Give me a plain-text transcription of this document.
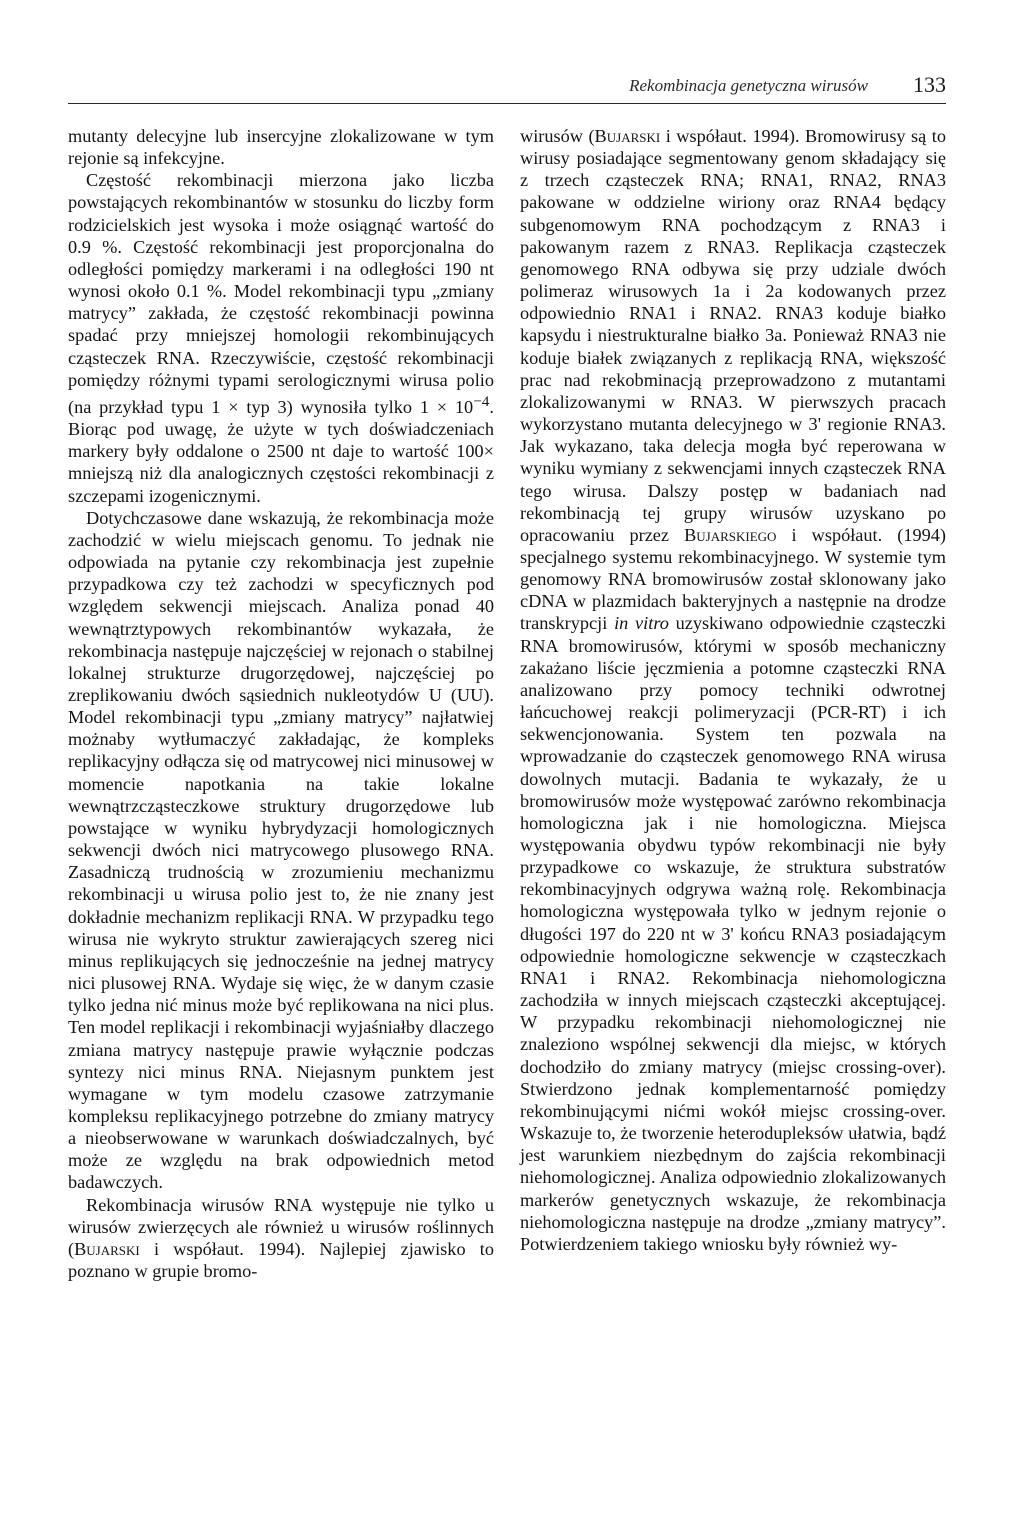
Rekombinacja genetyczna wirusów 133

mutanty delecyjne lub insercyjne zlokalizowane w tym rejonie są infekcyjne.

Częstość rekombinacji mierzona jako liczba powstających rekombinantów w stosunku do liczby form rodzicielskich jest wysoka i może osiągnąć wartość do 0.9 %. Częstość rekombinacji jest proporcjonalna do odległości pomiędzy markerami i na odległości 190 nt wynosi około 0.1 %. Model rekombinacji typu „zmiany matrycy” zakłada, że częstość rekombinacji powinna spadać przy mniejszej homologii rekombinujących cząsteczek RNA. Rzeczywiście, częstość rekombinacji pomiędzy różnymi typami serologicznymi wirusa polio (na przykład typu 1 × typ 3) wynosiła tylko $1 \times 10^{-4}$. Biorąc pod uwagę, że użyte w tych doświadczeniach markery były oddalone o 2500 nt daje to wartość 100× mniejszą niż dla analogicznych częstości rekombinacji z szczepami izogenicznymi.

Dotychczasowe dane wskazują, że rekombinacja może zachodzić w wielu miejscach genomu. To jednak nie odpowiada na pytanie czy rekombinacja jest zupełnie przypadkowa czy też zachodzi w specyficznych pod względem sekwencji miejscach. Analiza ponad 40 wewnątrztypowych rekombinantów wykazała, że rekombinacja następuje najczęściej w rejonach o stabilnej lokalnej strukturze drugorzędowej, najczęściej po zreplikowaniu dwóch sąsiednich nukleotydów U (UU). Model rekombinacji typu „zmiany matrycy” najłatwiej możnaby wytłumaczyć zakładając, że kompleks replikacyjny odłącza się od matrycowej nici minusowej w momencie napotkania na takie lokalne wewnątrzcząsteczkowe struktury drugorzędowe lub powstające w wyniku hybrydyzacji homologicznych sekwencji dwóch nici matrycowego plusowego RNA. Zasadniczą trudnością w zrozumieniu mechanizmu rekombinacji u wirusa polio jest to, że nie znany jest dokładnie mechanizm replikacji RNA. W przypadku tego wirusa nie wykryto struktur zawierających szereg nici minus replikujących się jednocześnie na jednej matrycy nici plusowej RNA. Wydaje się więc, że w danym czasie tylko jedna nić minus może być replikowana na nici plus. Ten model replikacji i rekombinacji wyjaśniałby dlaczego zmiana matrycy następuje prawie wyłącznie podczas syntezy nici minus RNA. Niejasnym punktem jest wymagane w tym modelu czasowe zatrzymanie kompleksu replikacyjnego potrzebne do zmiany matrycy a nieobserwowane w warunkach doświadczalnych, być może ze względu na brak odpowiednich metod badawczych.

Rekombinacja wirusów RNA występuje nie tylko u wirusów zwierzęcych ale również u wirusów roślinnych (Bujarski i współaut. 1994). Najlepiej zjawisko to poznano w grupie bromo-

wirusów (Bujarski i współaut. 1994). Bromowirusy są to wirusy posiadające segmentowany genom składający się z trzech cząsteczek RNA; RNA1, RNA2, RNA3 pakowane w oddzielne wiriony oraz RNA4 będący subgenomowym RNA pochodzącym z RNA3 i pakowanym razem z RNA3. Replikacja cząsteczek genomowego RNA odbywa się przy udziale dwóch polimeraz wirusowych 1a i 2a kodowanych przez odpowiednio RNA1 i RNA2. RNA3 koduje białko kapsydu i niestrukturalne białko 3a. Ponieważ RNA3 nie koduje białek związanych z replikacją RNA, większość prac nad rekobminacją przeprowadzono z mutantami zlokalizowanymi w RNA3. W pierwszych pracach wykorzystano mutanta delecyjnego w 3' regionie RNA3. Jak wykazano, taka delecja mogła być reperowana w wyniku wymiany z sekwencjami innych cząsteczek RNA tego wirusa. Dalszy postęp w badaniach nad rekombinacją tej grupy wirusów uzyskano po opracowaniu przez Bujarskiego i współaut. (1994) specjalnego systemu rekombinacyjnego. W systemie tym genomowy RNA bromowirusów został sklonowany jako cDNA w plazmidach bakteryjnych a następnie na drodze transkrypcji in vitro uzyskiwano odpowiednie cząsteczki RNA bromowirusów, którymi w sposób mechaniczny zakażano liście jęczmienia a potomne cząsteczki RNA analizowano przy pomocy techniki odwrotnej łańcuchowej reakcji polimeryzacji (PCR-RT) i ich sekwencjonowania. System ten pozwala na wprowadzanie do cząsteczek genomowego RNA wirusa dowolnych mutacji. Badania te wykazały, że u bromowirusów może występować zarówno rekombinacja homologiczna jak i nie homologiczna. Miejsca występowania obydwu typów rekombinacji nie były przypadkowe co wskazuje, że struktura substratów rekombinacyjnych odgrywa ważną rolę. Rekombinacja homologiczna występowała tylko w jednym rejonie o długości 197 do 220 nt w 3' końcu RNA3 posiadającym odpowiednie homologiczne sekwencje w cząsteczkach RNA1 i RNA2. Rekombinacja niehomologiczna zachodziła w innych miejscach cząsteczki akceptującej. W przypadku rekombinacji niehomologicznej nie znaleziono wspólnej sekwencji dla miejsc, w których dochodziło do zmiany matrycy (miejsc crossing-over). Stwierdzono jednak komplementarność pomiędzy rekombinującymi nićmi wokół miejsc crossing-over. Wskazuje to, że tworzenie heterodupleksów ułatwia, bądź jest warunkiem niezbędnym do zajścia rekombinacji niehomologicznej. Analiza odpowiednio zlokalizowanych markerów genetycznych wskazuje, że rekombinacja niehomologiczna następuje na drodze „zmiany matrycy”. Potwierdzeniem takiego wniosku były również wy-
